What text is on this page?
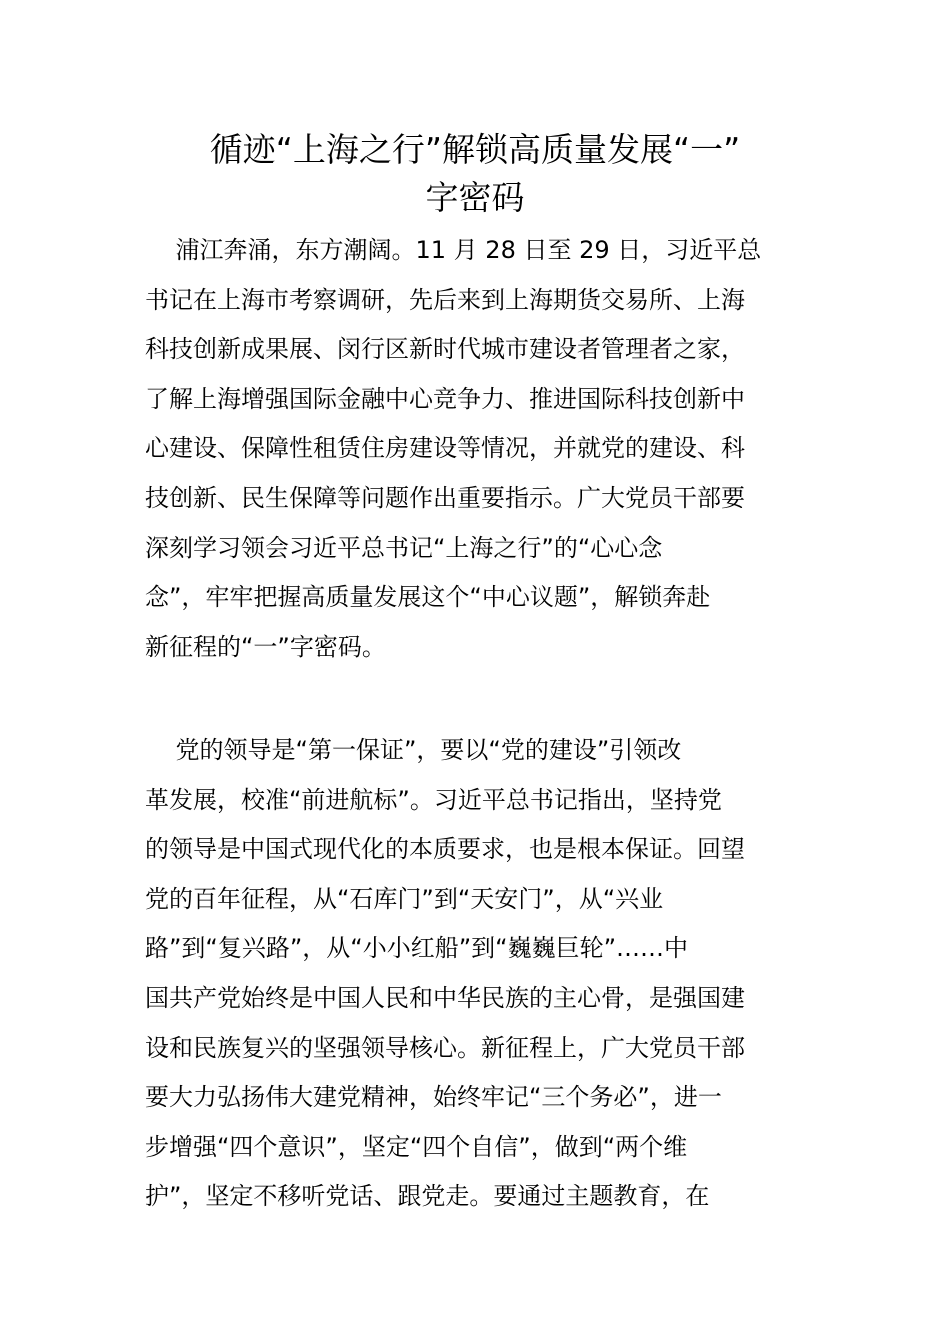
循迹“上海之行”解锁高质量发展“一”
字密码
浦江奔涌，东方潮阔。11 月 28 日至 29 日，习近平总
书记在上海市考察调研，先后来到上海期货交易所、上海
科技创新成果展、闵行区新时代城市建设者管理者之家，
了解上海增强国际金融中心竞争力、推进国际科技创新中
心建设、保障性租赁住房建设等情况，并就党的建设、科
技创新、民生保障等问题作出重要指示。广大党员干部要
深刻学习领会习近平总书记“上海之行”的“心心念
念”，牢牢把握高质量发展这个“中心议题”，解锁奔赴
新征程的“一”字密码。
党的领导是“第一保证”，要以“党的建设”引领改
革发展，校准“前进航标”。习近平总书记指出，坚持党
的领导是中国式现代化的本质要求，也是根本保证。回望
党的百年征程，从“石库门”到“天安门”，从“兴业
路”到“复兴路”，从“小小红船”到“巍巍巨轮”……中
国共产党始终是中国人民和中华民族的主心骨，是强国建
设和民族复兴的坚强领导核心。新征程上，广大党员干部
要大力弘扬伟大建党精神，始终牢记“三个务必”，进一
步增强“四个意识”，坚定“四个自信”，做到“两个维
护”，坚定不移听党话、跟党走。要通过主题教育，在
